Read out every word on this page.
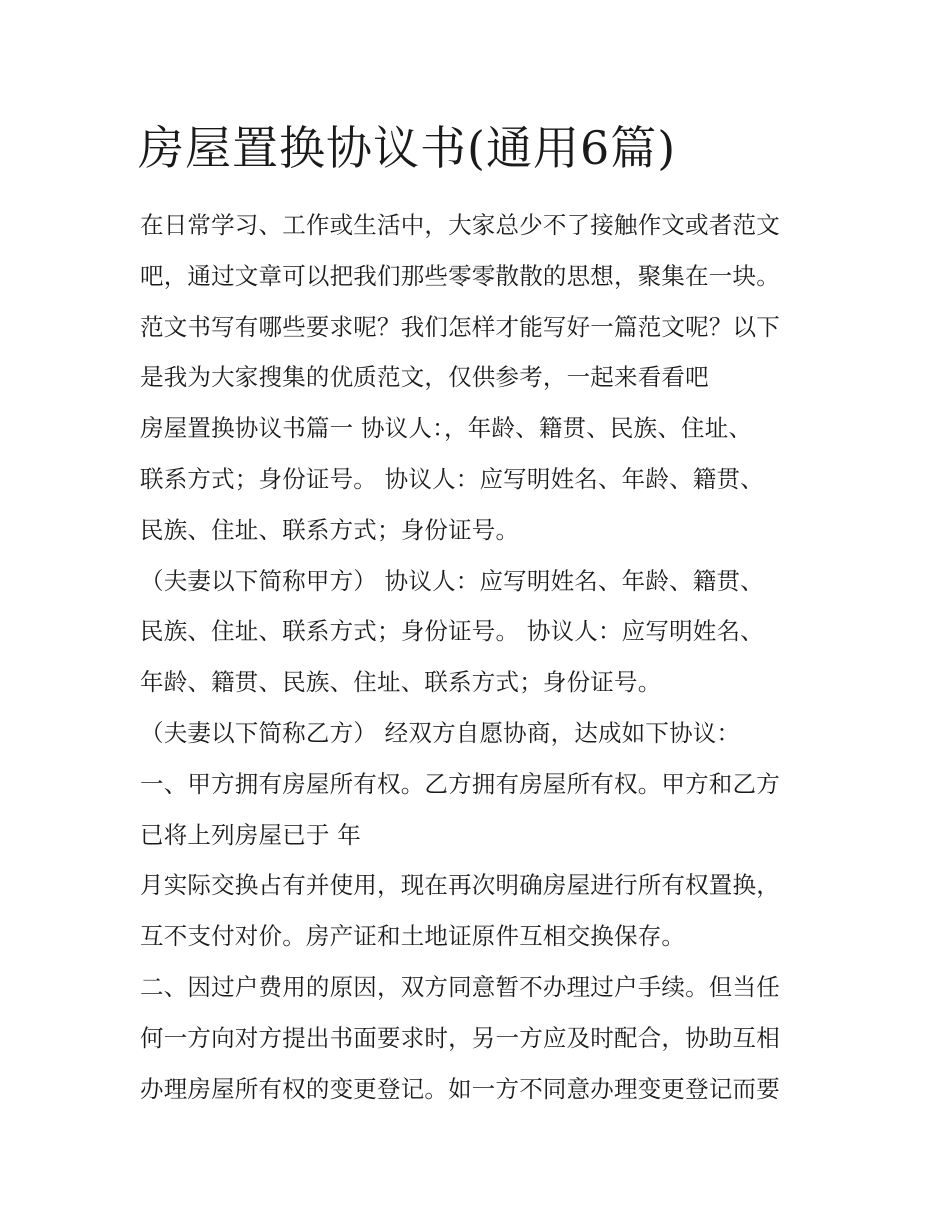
房屋置换协议书(通用6篇)
在日常学习、工作或生活中，大家总少不了接触作文或者范文
吧，通过文章可以把我们那些零零散散的思想，聚集在一块。
范文书写有哪些要求呢？我们怎样才能写好一篇范文呢？以下
是我为大家搜集的优质范文，仅供参考，一起来看看吧
房屋置换协议书篇一 协议人：，年龄、籍贯、民族、住址、
联系方式；身份证号。 协议人：应写明姓名、年龄、籍贯、
民族、住址、联系方式；身份证号。
（夫妻以下简称甲方） 协议人：应写明姓名、年龄、籍贯、
民族、住址、联系方式；身份证号。 协议人：应写明姓名、
年龄、籍贯、民族、住址、联系方式；身份证号。
（夫妻以下简称乙方） 经双方自愿协商，达成如下协议：
一、甲方拥有房屋所有权。乙方拥有房屋所有权。甲方和乙方
已将上列房屋已于 年
月实际交换占有并使用，现在再次明确房屋进行所有权置换，
互不支付对价。房产证和土地证原件互相交换保存。
二、因过户费用的原因，双方同意暂不办理过户手续。但当任
何一方向对方提出书面要求时，另一方应及时配合，协助互相
办理房屋所有权的变更登记。如一方不同意办理变更登记而要
